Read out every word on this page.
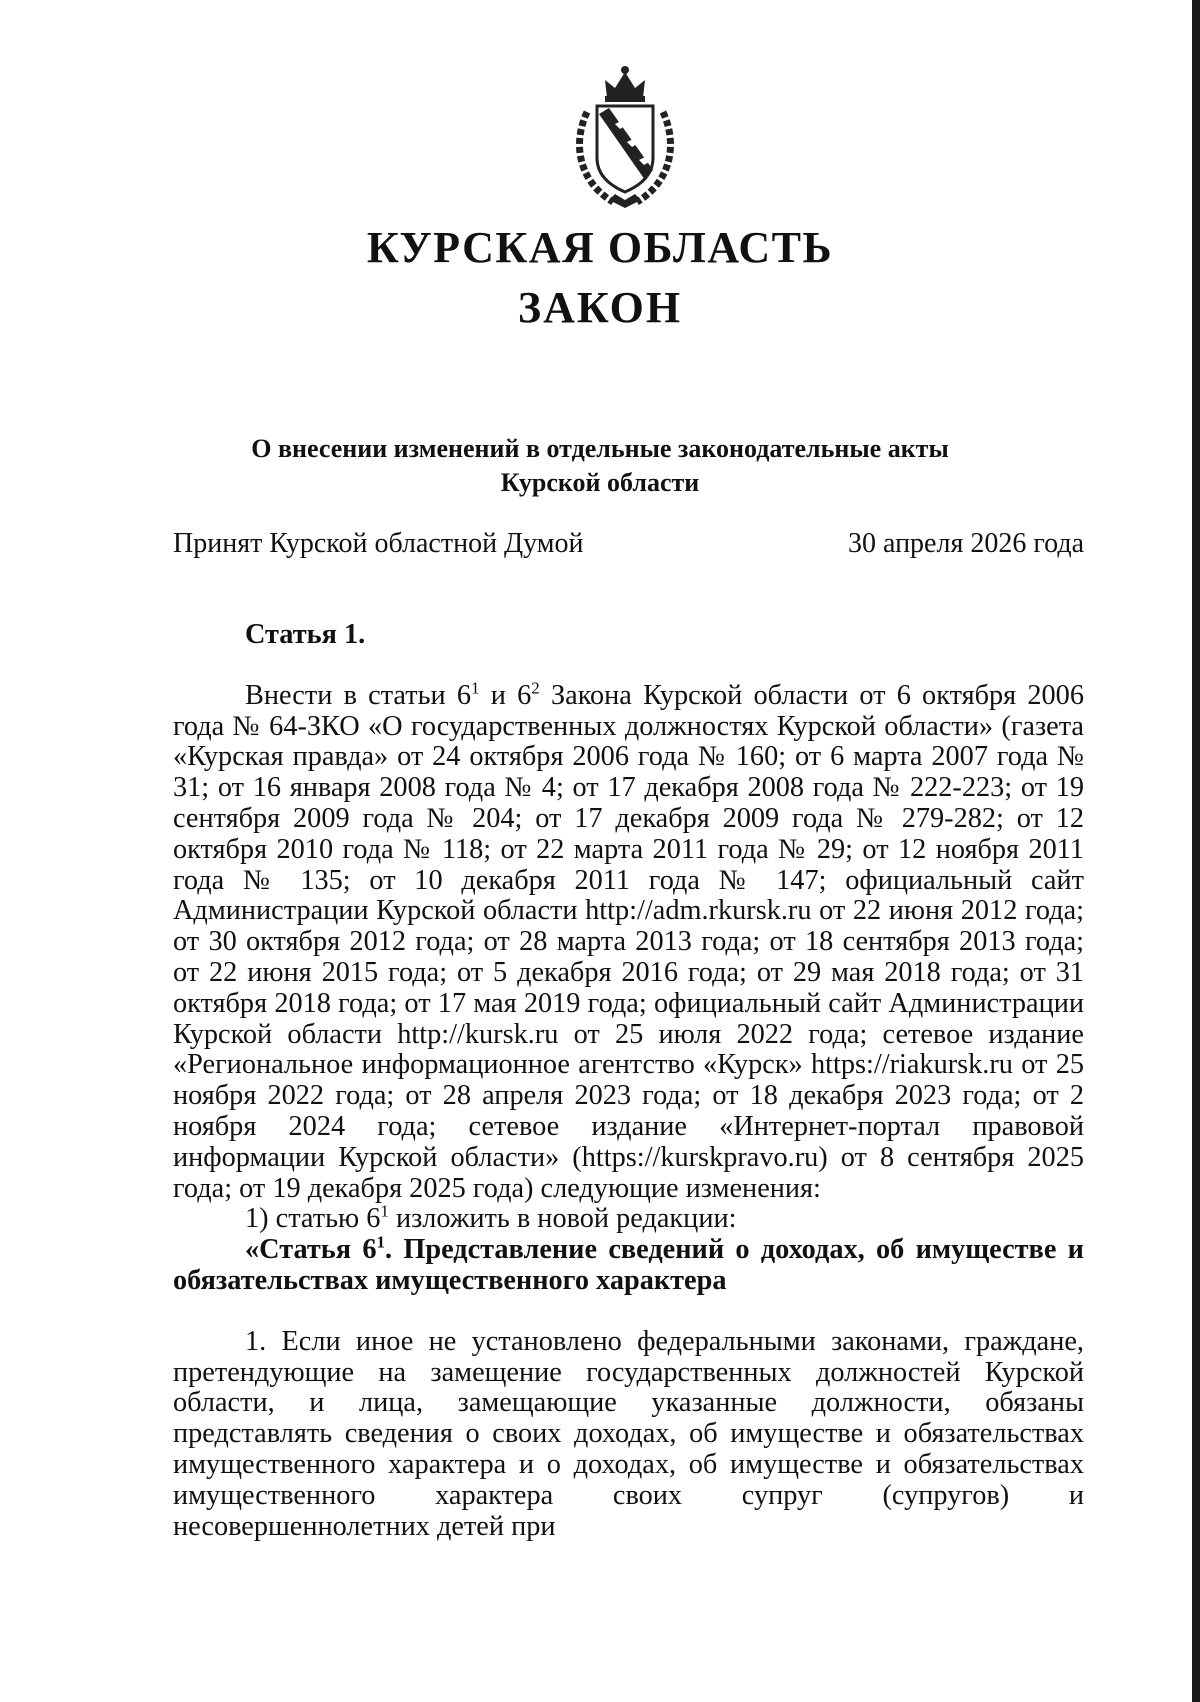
КУРСКАЯ ОБЛАСТЬ
ЗАКОН
О внесении изменений в отдельные законодательные акты
Курской области
Принят Курской областной Думой	30 апреля 2026 года

Статья 1.

Внести в статьи $6^1$ и $6^2$ Закона Курской области от 6 октября 2006 года № 64-ЗКО «О государственных должностях Курской области» (газета «Курская правда» от 24 октября 2006 года № 160; от 6 марта 2007 года № 31; от 16 января 2008 года № 4; от 17 декабря 2008 года № 222-223; от 19 сентября 2009 года № 204; от 17 декабря 2009 года № 279-282; от 12 октября 2010 года № 118; от 22 марта 2011 года № 29; от 12 ноября 2011 года № 135; от 10 декабря 2011 года № 147; официальный сайт Администрации Курской области http://adm.rkursk.ru от 22 июня 2012 года; от 30 октября 2012 года; от 28 марта 2013 года; от 18 сентября 2013 года; от 22 июня 2015 года; от 5 декабря 2016 года; от 29 мая 2018 года; от 31 октября 2018 года; от 17 мая 2019 года; официальный сайт Администрации Курской области http://kursk.ru от 25 июля 2022 года; сетевое издание «Региональное информационное агентство «Курск» https://riakursk.ru от 25 ноября 2022 года; от 28 апреля 2023 года; от 18 декабря 2023 года; от 2 ноября 2024 года; сетевое издание «Интернет-портал правовой информации Курской области» (https://kurskpravo.ru) от 8 сентября 2025 года; от 19 декабря 2025 года) следующие изменения:

1) статью $6^1$ изложить в новой редакции:

«Статья $6^1$. Представление сведений о доходах, об имуществе и обязательствах имущественного характера

1. Если иное не установлено федеральными законами, граждане, претендующие на замещение государственных должностей Курской области, и лица, замещающие указанные должности, обязаны представлять сведения о своих доходах, об имуществе и обязательствах имущественного характера и о доходах, об имуществе и обязательствах имущественного характера своих супруг (супругов) и несовершеннолетних детей при
